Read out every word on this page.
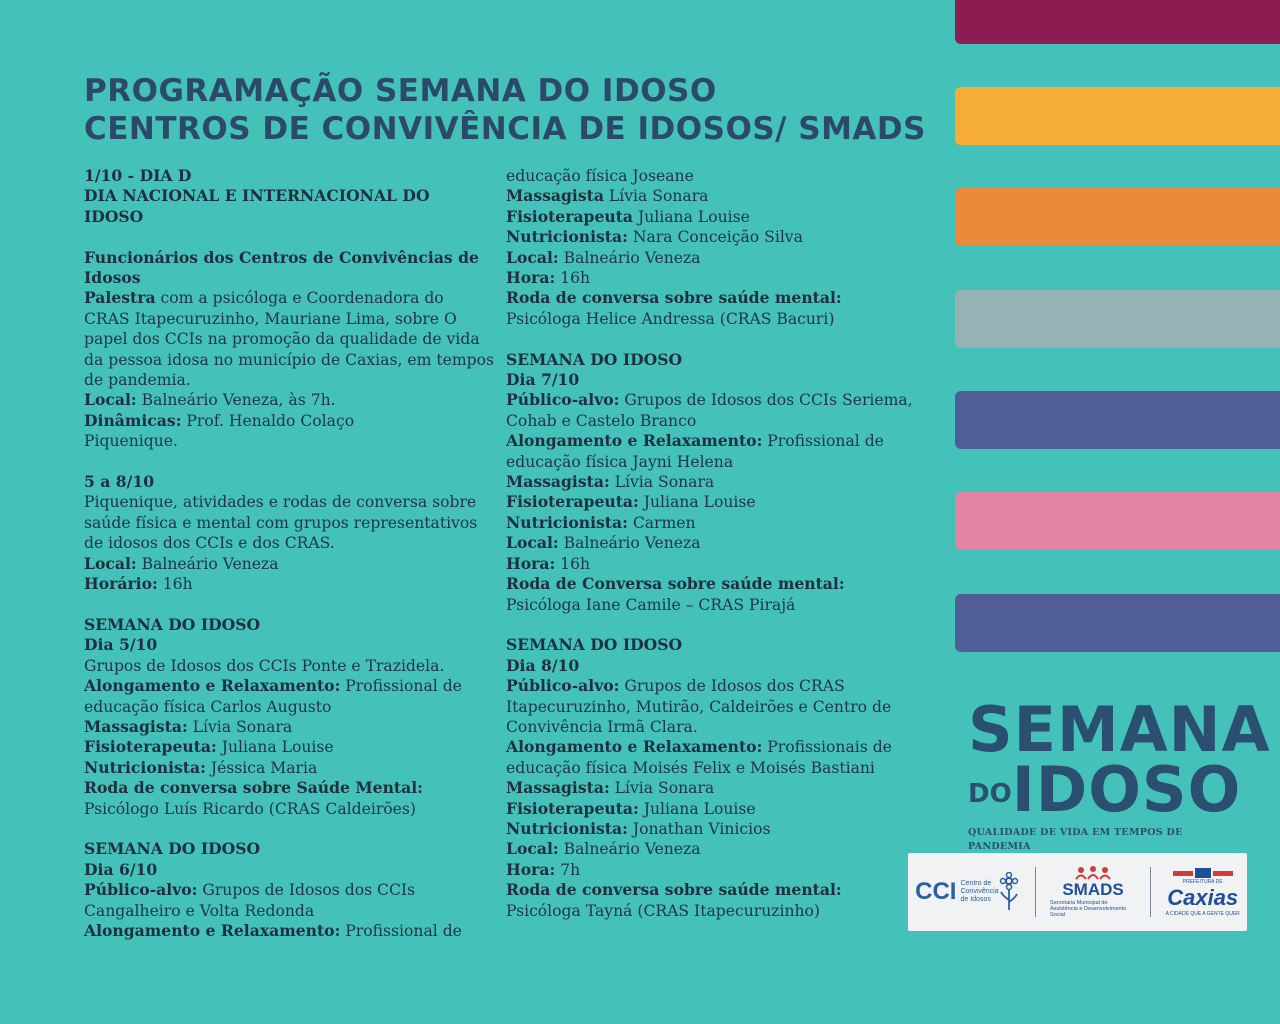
PROGRAMAÇÃO SEMANA DO IDOSO
CENTROS DE CONVIVÊNCIA DE IDOSOS/ SMADS
1/10 - DIA D
DIA NACIONAL E INTERNACIONAL DO IDOSO
Funcionários dos Centros de Convivências de Idosos
Palestra com a psicóloga e Coordenadora do CRAS Itapecuruzinho, Mauriane Lima, sobre O papel dos CCIs na promoção da qualidade de vida da pessoa idosa no município de Caxias, em tempos de pandemia.
Local: Balneário Veneza, às 7h.
Dinâmicas: Prof. Henaldo Colaço
Piquenique.
5 a 8/10
Piquenique, atividades e rodas de conversa sobre saúde física e mental com grupos representativos de idosos dos CCIs e dos CRAS.
Local: Balneário Veneza
Horário: 16h
SEMANA DO IDOSO
Dia 5/10
Grupos de Idosos dos CCIs Ponte e Trazidela.
Alongamento e Relaxamento: Profissional de educação física Carlos Augusto
Massagista: Lívia Sonara
Fisioterapeuta: Juliana Louise
Nutricionista: Jéssica Maria
Roda de conversa sobre Saúde Mental:
Psicólogo Luís Ricardo (CRAS Caldeirões)
SEMANA DO IDOSO
Dia 6/10
Público-alvo: Grupos de Idosos dos CCIs Cangalheiro e Volta Redonda
Alongamento e Relaxamento: Profissional de
educação física Joseane
Massagista Lívia Sonara
Fisioterapeuta Juliana Louise
Nutricionista: Nara Conceição Silva
Local: Balneário Veneza
Hora: 16h
Roda de conversa sobre saúde mental:
Psicóloga Helice Andressa (CRAS Bacuri)
SEMANA DO IDOSO
Dia 7/10
Público-alvo: Grupos de Idosos dos CCIs Seriema, Cohab e Castelo Branco
Alongamento e Relaxamento: Profissional de educação física Jayni Helena
Massagista: Lívia Sonara
Fisioterapeuta: Juliana Louise
Nutricionista: Carmen
Local: Balneário Veneza
Hora: 16h
Roda de Conversa sobre saúde mental:
Psicóloga Iane Camile – CRAS Pirajá
SEMANA DO IDOSO
Dia 8/10
Público-alvo: Grupos de Idosos dos CRAS Itapecuruzinho, Mutirão, Caldeirões e Centro de Convivência Irmã Clara.
Alongamento e Relaxamento: Profissionais de educação física Moisés Felix e Moisés Bastiani
Massagista: Lívia Sonara
Fisioterapeuta: Juliana Louise
Nutricionista: Jonathan Vinicios
Local: Balneário Veneza
Hora: 7h
Roda de conversa sobre saúde mental:
Psicóloga Tayná (CRAS Itapecuruzinho)
SEMANA
DOIDOSO
QUALIDADE DE VIDA EM TEMPOS DE PANDEMIA
CCI Centro de Convivência de Idosos
SMADS
Secretaria Municipal de Assistência e Desenvolvimento Social
PREFEITURA DE
Caxias
A CIDADE QUE A GENTE QUER
